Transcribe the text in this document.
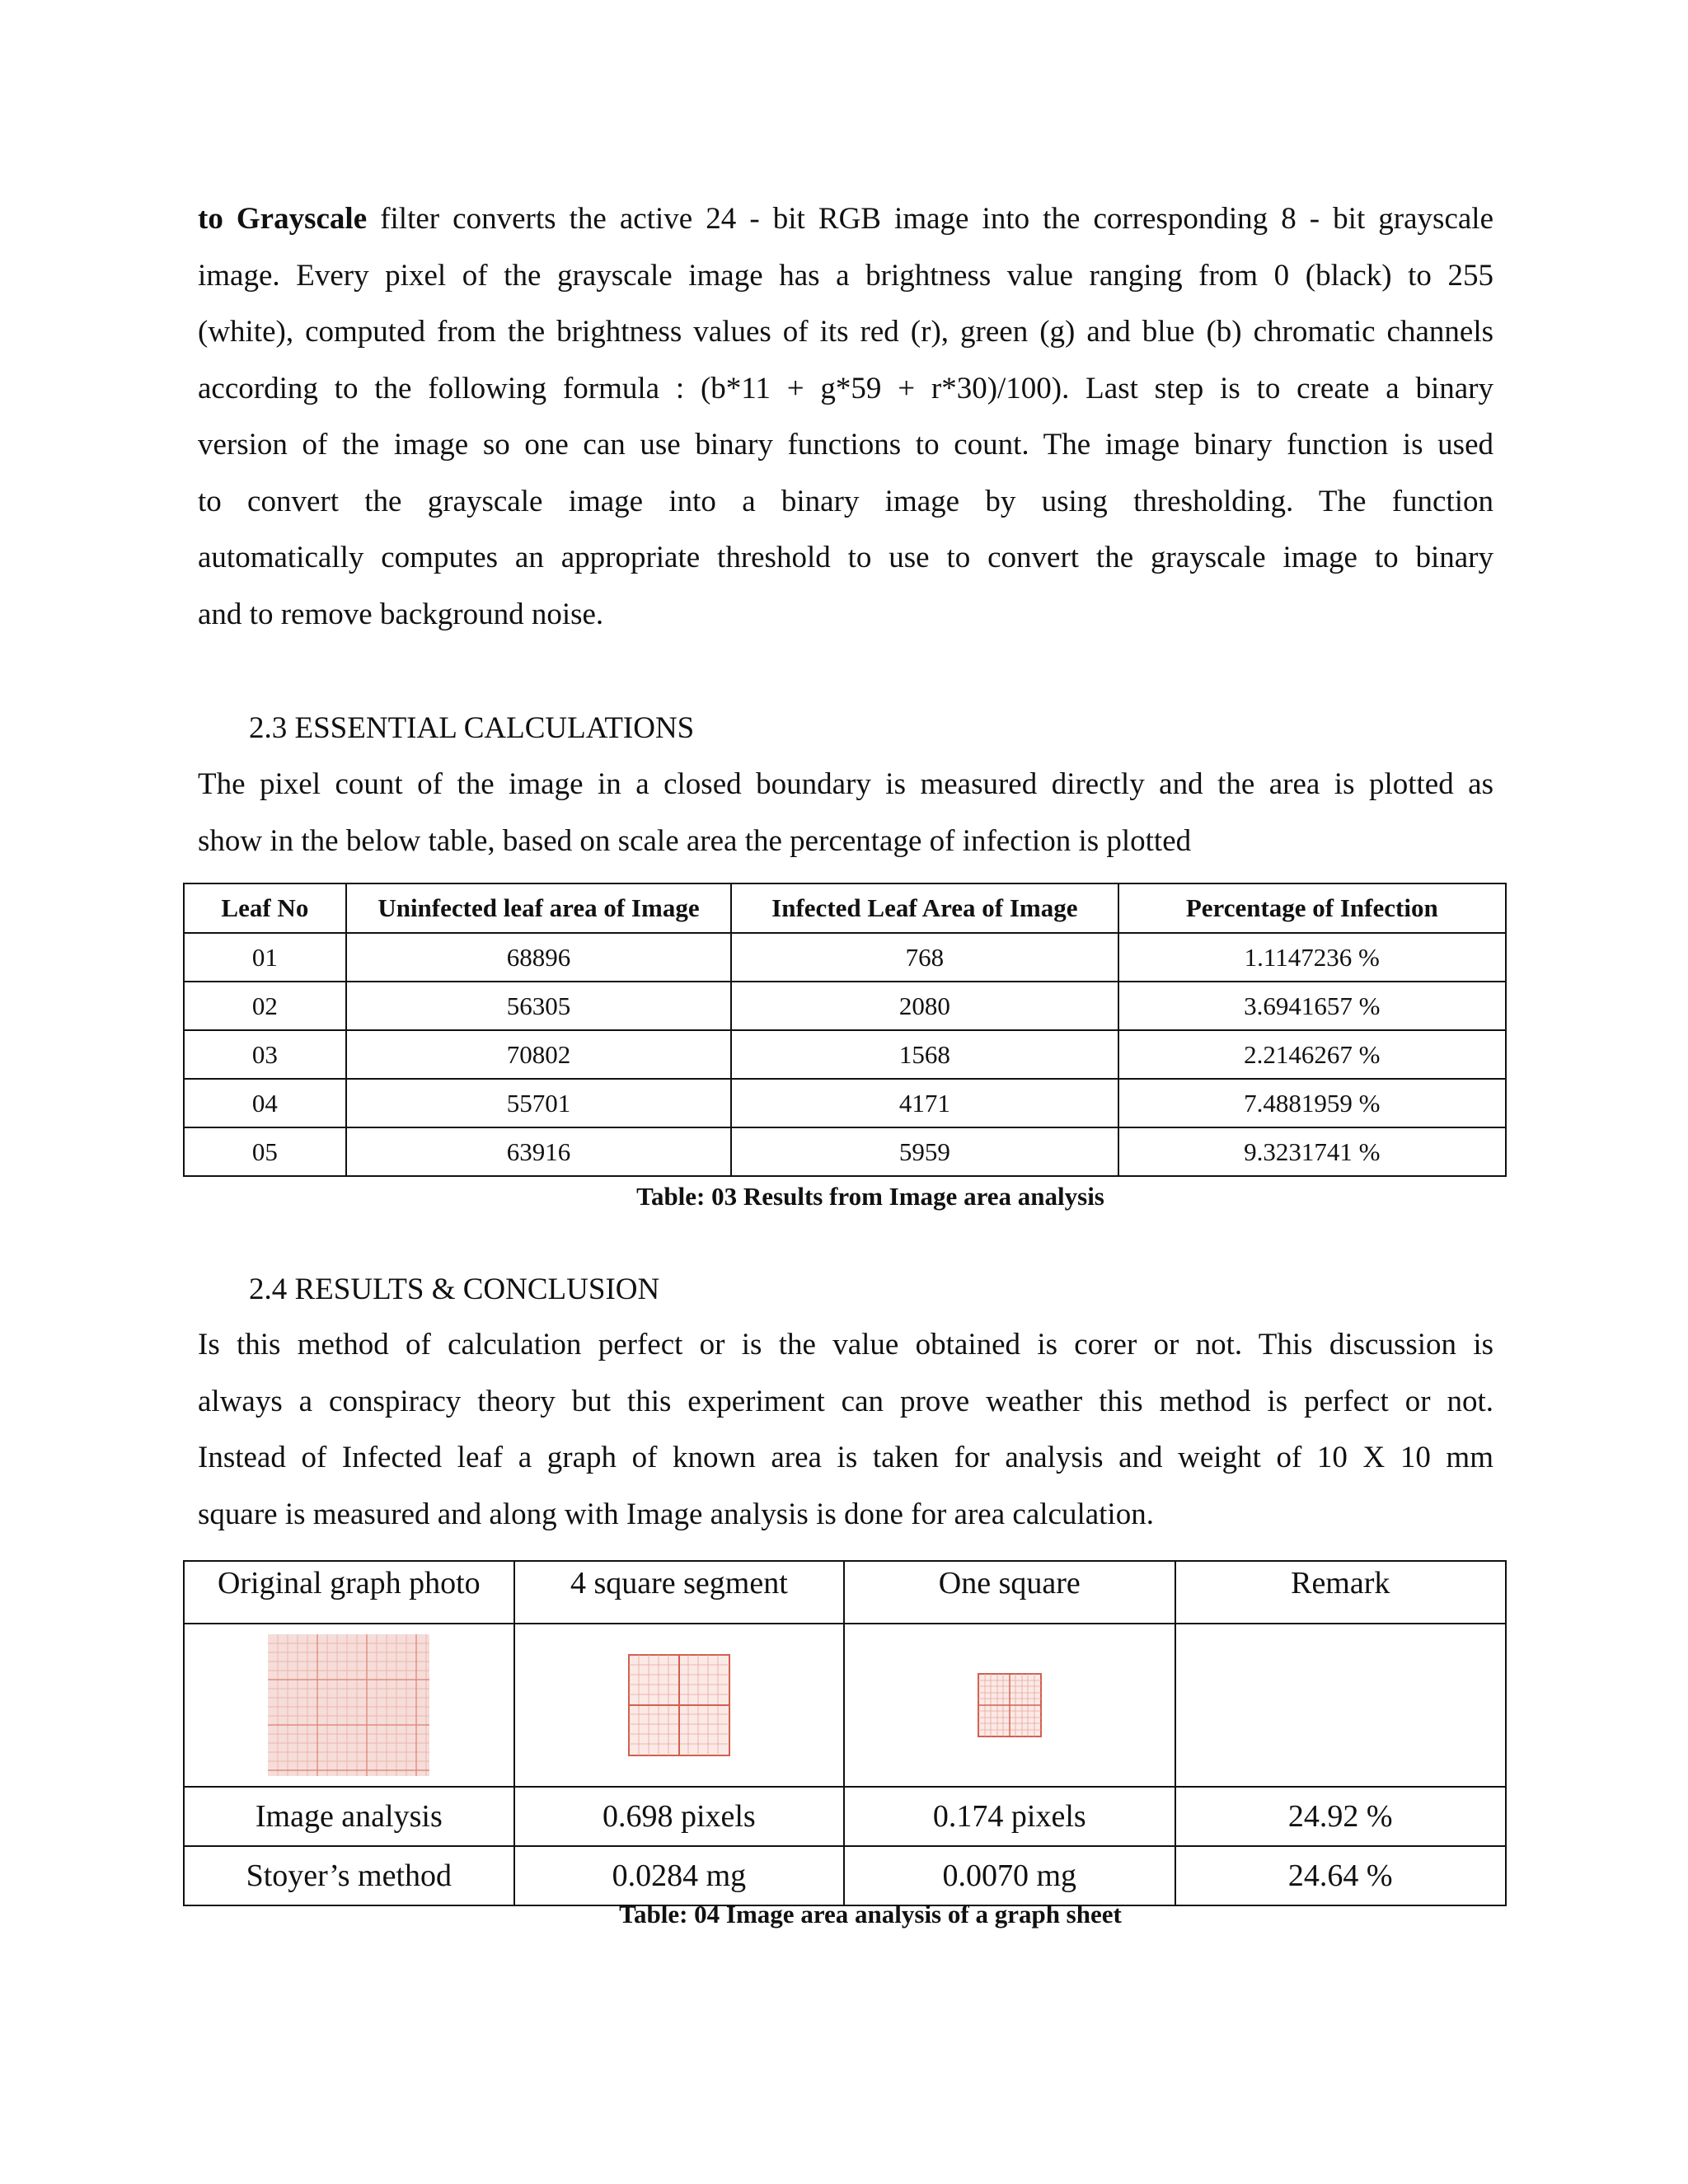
to Grayscale filter converts the active 24 ‐ bit RGB image into the corresponding 8 ‐ bit grayscale
image. Every pixel of the grayscale image has a brightness value ranging from 0 (black) to 255
(white), computed from the brightness values of its red (r), green (g) and blue (b) chromatic channels
according to the following formula : (b*11 + g*59 + r*30)/100). Last step is to create a binary
version of the image so one can use binary functions to count. The image binary function is used
to convert the grayscale image into a binary image by using thresholding. The function
automatically computes an appropriate threshold to use to convert the grayscale image to binary
and to remove background noise.
2.3 ESSENTIAL CALCULATIONS
The pixel count of the image in a closed boundary is measured directly and the area is plotted as
show in the below table, based on scale area the percentage of infection is plotted
Leaf No	Uninfected leaf area of Image	Infected Leaf Area of Image	Percentage of Infection
01	68896	768	1.1147236 %
02	56305	2080	3.6941657 %
03	70802	1568	2.2146267 %
04	55701	4171	7.4881959 %
05	63916	5959	9.3231741 %
Table: 03 Results from Image area analysis
2.4 RESULTS & CONCLUSION
Is this method of calculation perfect or is the value obtained is corer or not. This discussion is
always a conspiracy theory but this experiment can prove weather this method is perfect or not.
Instead of Infected leaf a graph of known area is taken for analysis and weight of 10 X 10 mm
square is measured and along with Image analysis is done for area calculation.
Original graph photo	4 square segment	One square	Remark

Image analysis	0.698 pixels	0.174 pixels	24.92 %
Stoyer’s method	0.0284 mg	0.0070 mg	24.64 %
Table: 04 Image area analysis of a graph sheet
